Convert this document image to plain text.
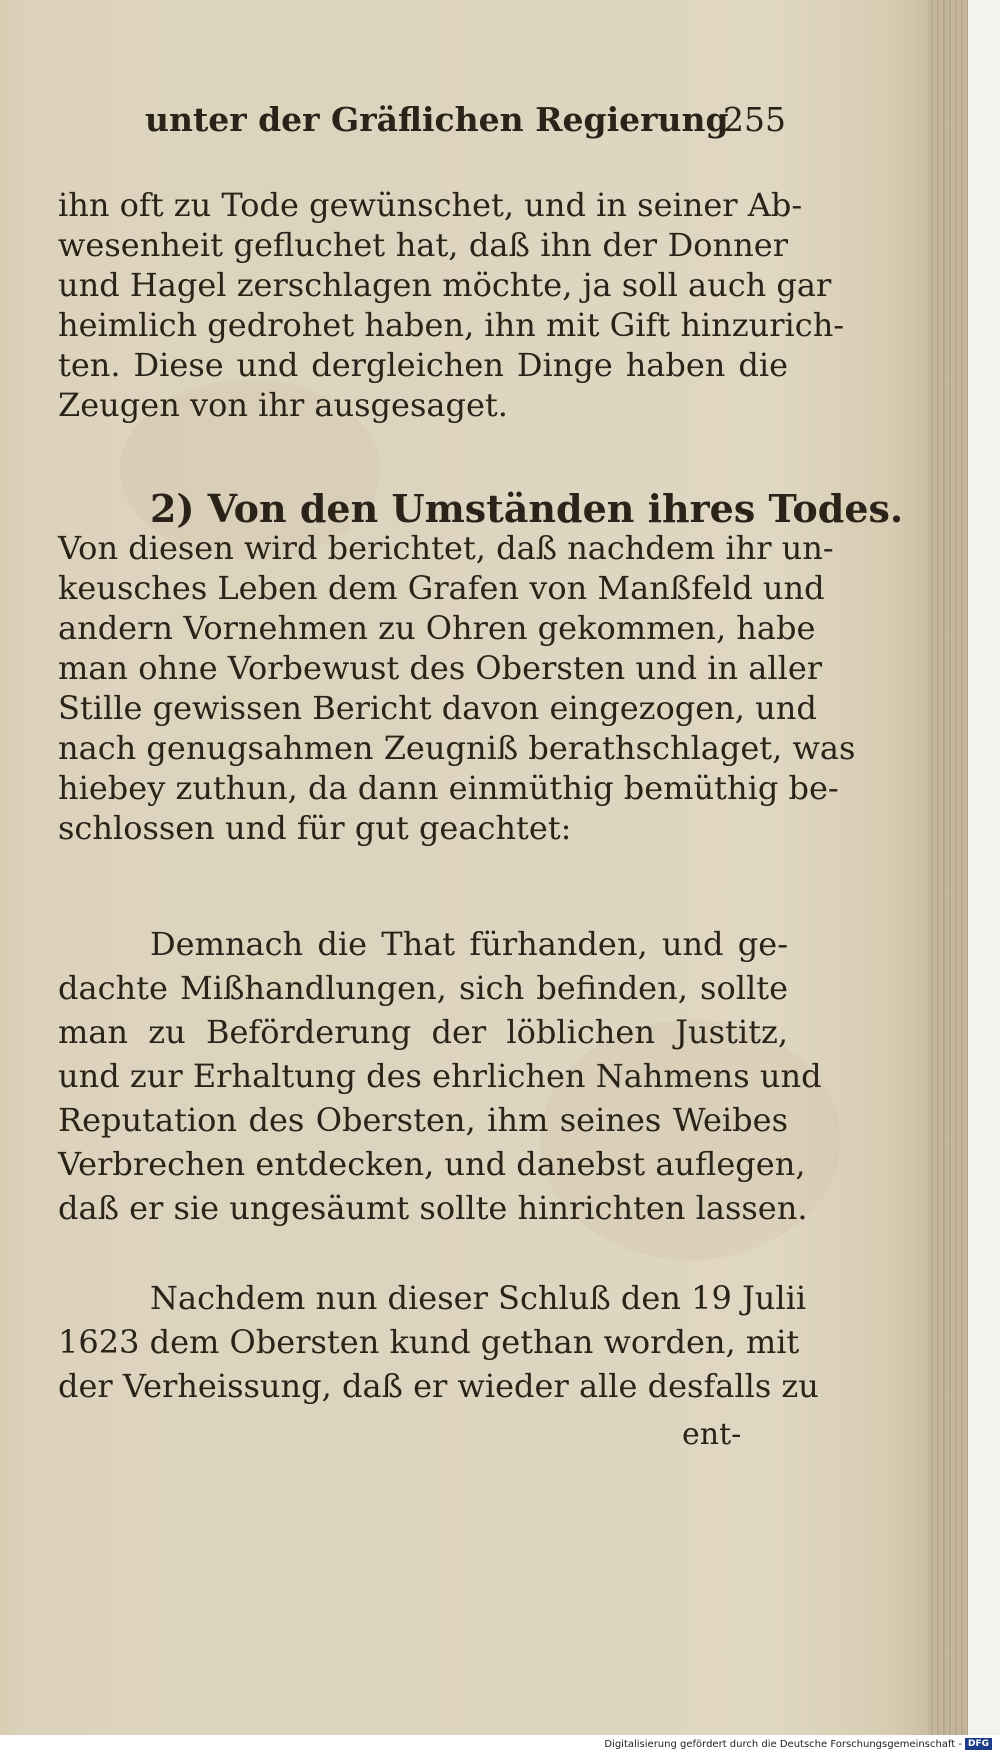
unter der Gräflichen Regierung
255
ihn oft zu Tode gewünschet, und in seiner Ab-
wesenheit gefluchet hat, daß ihn der Donner
und Hagel zerschlagen möchte, ja soll auch gar
heimlich gedrohet haben, ihn mit Gift hinzurich-
ten. Diese und dergleichen Dinge haben die
Zeugen von ihr ausgesaget.
2) Von den Umständen ihres Todes.
Von diesen wird berichtet, daß nachdem ihr un-
keusches Leben dem Grafen von Manßfeld und
andern Vornehmen zu Ohren gekommen, habe
man ohne Vorbewust des Obersten und in aller
Stille gewissen Bericht davon eingezogen, und
nach genugsahmen Zeugniß berathschlaget, was
hiebey zuthun, da dann einmüthig bemüthig be-
schlossen und für gut geachtet:
Demnach die That fürhanden, und ge-
dachte Mißhandlungen, sich befinden, sollte
man zu Beförderung der löblichen Justitz,
und zur Erhaltung des ehrlichen Nahmens und
Reputation des Obersten, ihm seines Weibes
Verbrechen entdecken, und danebst auflegen,
daß er sie ungesäumt sollte hinrichten lassen.
Nachdem nun dieser Schluß den 19 Julii
1623 dem Obersten kund gethan worden, mit
der Verheissung, daß er wieder alle desfalls zu
ent-
Digitalisierung gefördert durch die Deutsche Forschungsgemeinschaft - DFG
